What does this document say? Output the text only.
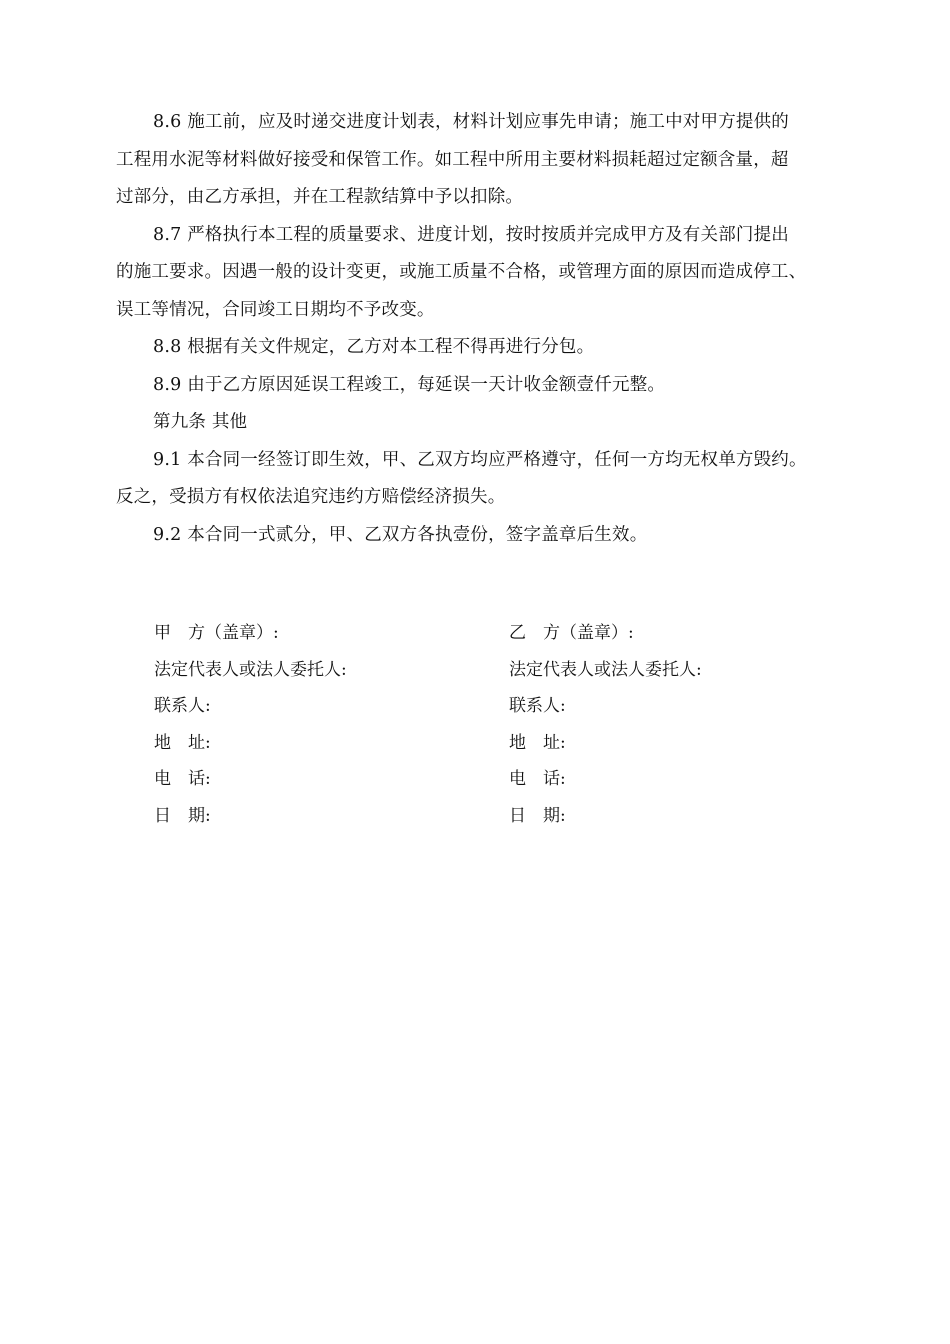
8.6 施工前，应及时递交进度计划表，材料计划应事先申请；施工中对甲方提供的
工程用水泥等材料做好接受和保管工作。如工程中所用主要材料损耗超过定额含量，超
过部分，由乙方承担，并在工程款结算中予以扣除。

8.7 严格执行本工程的质量要求、进度计划，按时按质并完成甲方及有关部门提出
的施工要求。因遇一般的设计变更，或施工质量不合格，或管理方面的原因而造成停工、
误工等情况，合同竣工日期均不予改变。

8.8 根据有关文件规定，乙方对本工程不得再进行分包。

8.9 由于乙方原因延误工程竣工，每延误一天计收金额壹仟元整。

第九条 其他

9.1 本合同一经签订即生效，甲、乙双方均应严格遵守，任何一方均无权单方毁约。
反之，受损方有权依法追究违约方赔偿经济损失。

9.2 本合同一式贰分，甲、乙双方各执壹份，签字盖章后生效。

甲　方（盖章）:	乙　方（盖章）:
法定代表人或法人委托人:	法定代表人或法人委托人:
联系人:	联系人:
地　址:	地　址:
电　话:	电　话:
日　期:	日　期:
